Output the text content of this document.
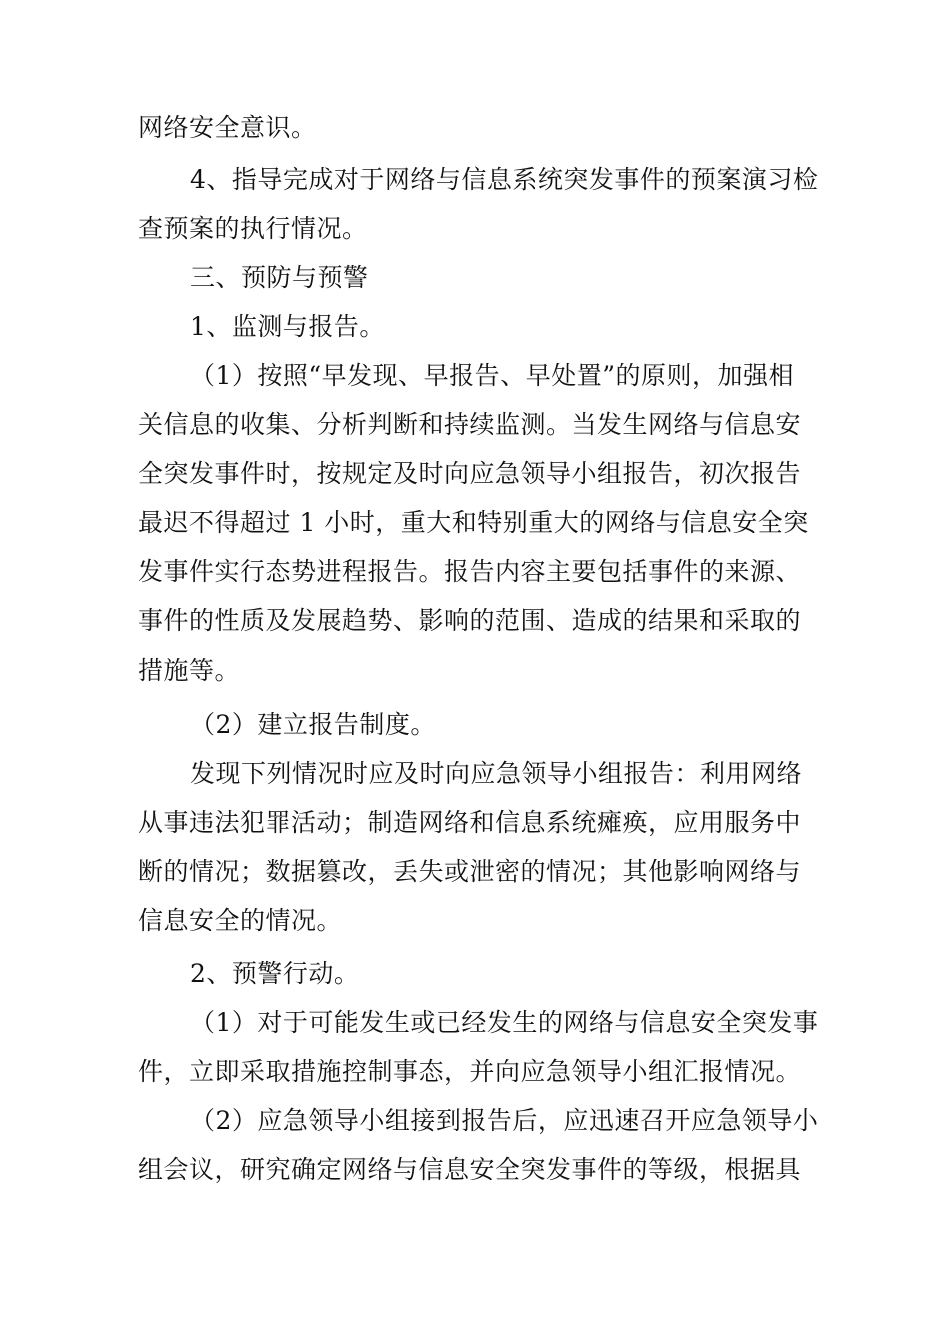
网络安全意识。
4、指导完成对于网络与信息系统突发事件的预案演习检
查预案的执行情况。
三、预防与预警
1、监测与报告。
（1）按照“早发现、早报告、早处置”的原则，加强相
关信息的收集、分析判断和持续监测。当发生网络与信息安
全突发事件时，按规定及时向应急领导小组报告，初次报告
最迟不得超过 1 小时，重大和特别重大的网络与信息安全突
发事件实行态势进程报告。报告内容主要包括事件的来源、
事件的性质及发展趋势、影响的范围、造成的结果和采取的
措施等。
（2）建立报告制度。
发现下列情况时应及时向应急领导小组报告：利用网络
从事违法犯罪活动；制造网络和信息系统瘫痪，应用服务中
断的情况；数据篡改，丢失或泄密的情况；其他影响网络与
信息安全的情况。
2、预警行动。
（1）对于可能发生或已经发生的网络与信息安全突发事
件，立即采取措施控制事态，并向应急领导小组汇报情况。
（2）应急领导小组接到报告后，应迅速召开应急领导小
组会议，研究确定网络与信息安全突发事件的等级，根据具
